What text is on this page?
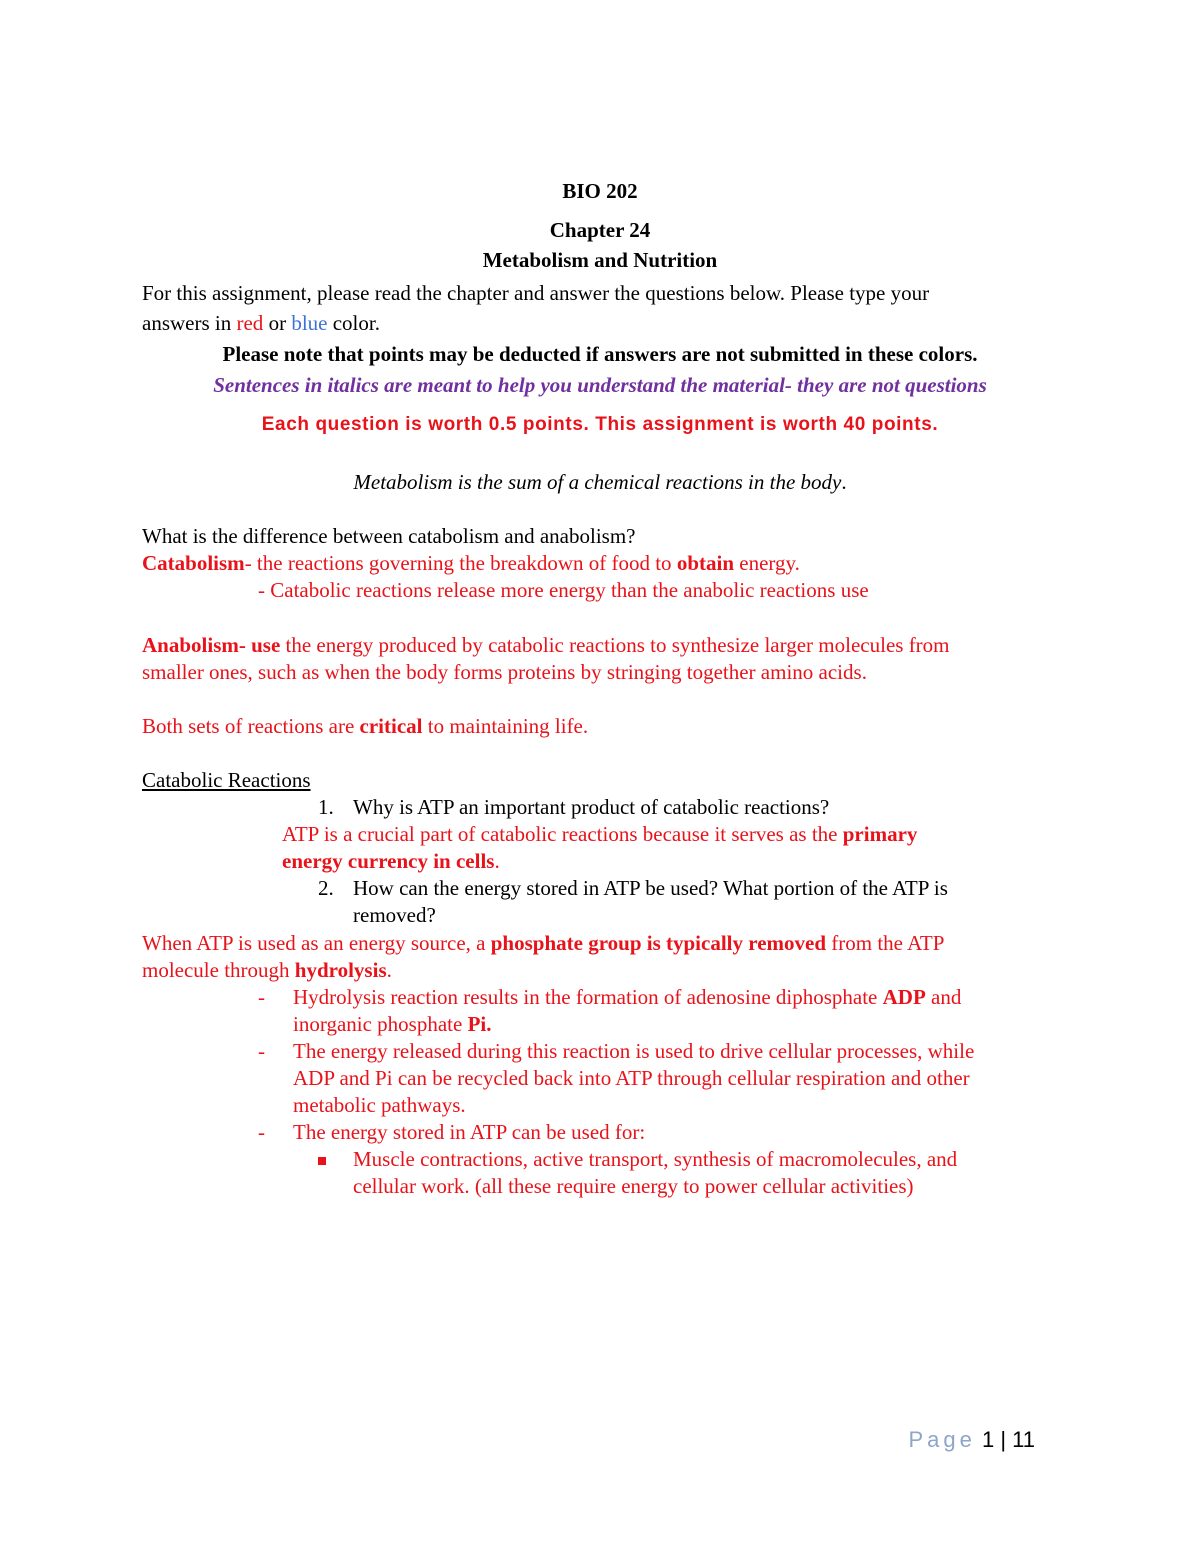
BIO 202
Chapter 24
Metabolism and Nutrition
For this assignment, please read the chapter and answer the questions below. Please type your
answers in red or blue color.
Please note that points may be deducted if answers are not submitted in these colors.
Sentences in italics are meant to help you understand the material- they are not questions
Each question is worth 0.5 points. This assignment is worth 40 points.
Metabolism is the sum of a chemical reactions in the body.
What is the difference between catabolism and anabolism?
Catabolism- the reactions governing the breakdown of food to obtain energy.
- Catabolic reactions release more energy than the anabolic reactions use
Anabolism- use the energy produced by catabolic reactions to synthesize larger molecules from
smaller ones, such as when the body forms proteins by stringing together amino acids.
Both sets of reactions are critical to maintaining life.
Catabolic Reactions
1. Why is ATP an important product of catabolic reactions?
ATP is a crucial part of catabolic reactions because it serves as the primary
energy currency in cells.
2. How can the energy stored in ATP be used? What portion of the ATP is
removed?
When ATP is used as an energy source, a phosphate group is typically removed from the ATP
molecule through hydrolysis.
- Hydrolysis reaction results in the formation of adenosine diphosphate ADP and
inorganic phosphate Pi.
- The energy released during this reaction is used to drive cellular processes, while
ADP and Pi can be recycled back into ATP through cellular respiration and other
metabolic pathways.
- The energy stored in ATP can be used for:
Muscle contractions, active transport, synthesis of macromolecules, and
cellular work. (all these require energy to power cellular activities)
Page 1 | 11
